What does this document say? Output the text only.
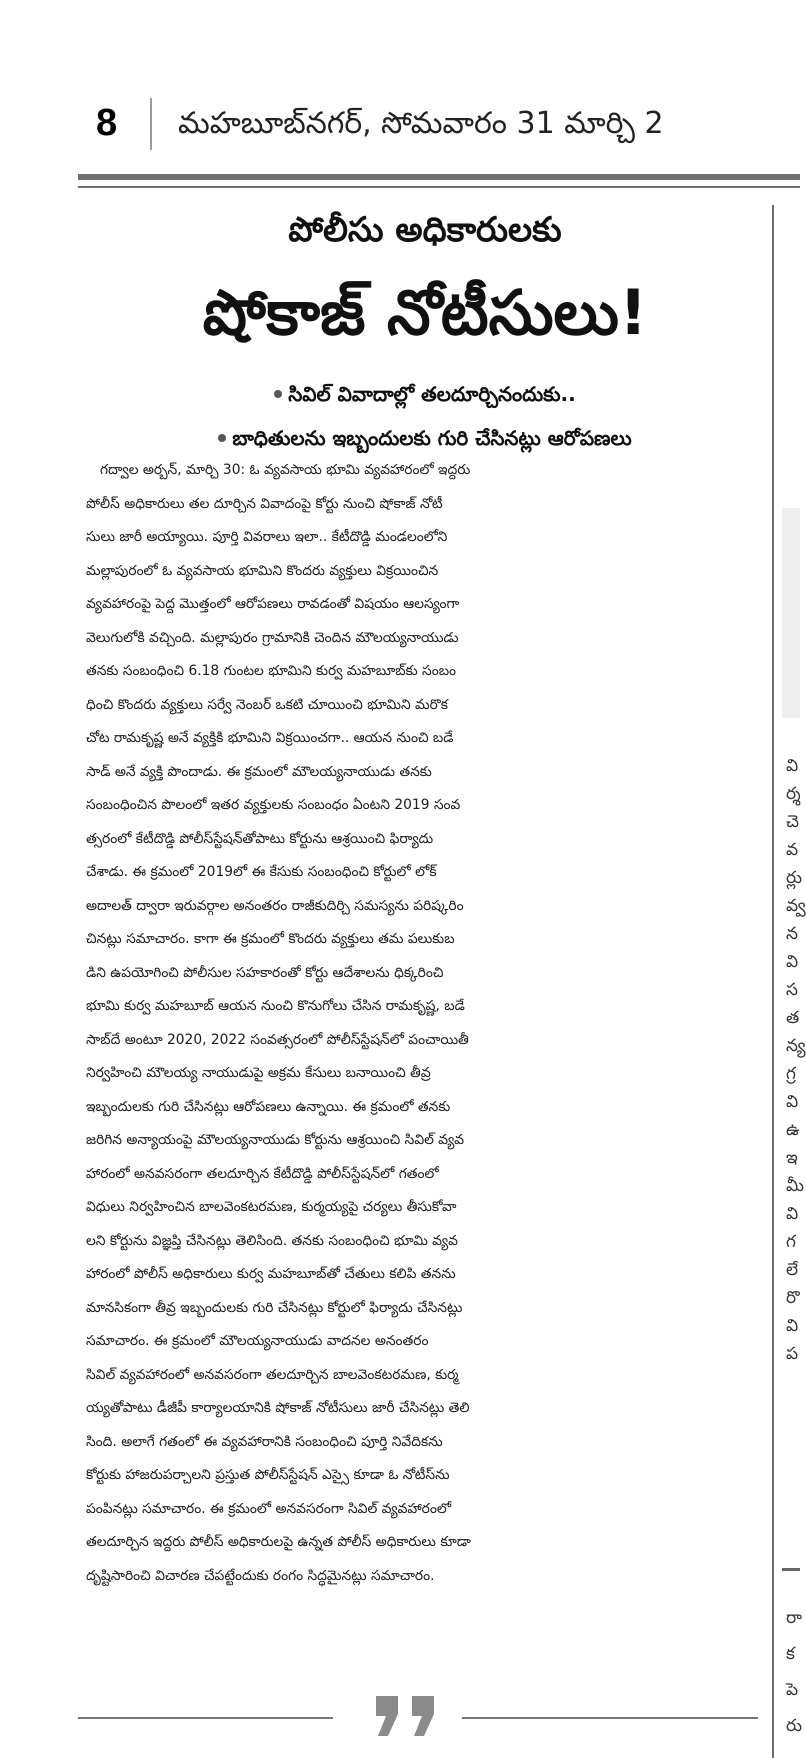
8 మహబూబ్‌నగర్, సోమవారం 31 మార్చి 2
వి
ర్శ
చె
వ
ర్లు
వ్వ
న
వి
స
త
న్య
గ్ర
వి
ఉ
ఇ
మీ
వి
గ
లే
రొ
వి
ప
రా
క
పె
రు
పోలీసు అధికారులకు
షోకాజ్ నోటీసులు!
సివిల్ వివాదాల్లో తలదూర్చినందుకు..
బాధితులను ఇబ్బందులకు గురి చేసినట్లు ఆరోపణలు
గద్వాల అర్బన్, మార్చి 30: ఓ వ్యవసాయ భూమి వ్యవహారంలో ఇద్దరు
పోలీస్ అధికారులు తల దూర్చిన వివాదంపై కోర్టు నుంచి షోకాజ్ నోటీ
సులు జారీ అయ్యాయి. పూర్తి వివరాలు ఇలా.. కేటీదొడ్డి మండలంలోని
మల్లాపురంలో ఓ వ్యవసాయ భూమిని కొందరు వ్యక్తులు విక్రయించిన
వ్యవహారంపై పెద్ద మొత్తంలో ఆరోపణలు రావడంతో విషయం ఆలస్యంగా
వెలుగులోకి వచ్చింది. మల్లాపురం గ్రామానికి చెందిన మౌలయ్యనాయుడు
తనకు సంబంధించి 6.18 గుంటల భూమిని కుర్వ మహబూబ్‌కు సంబం
ధించి కొందరు వ్యక్తులు సర్వే నెంబర్ ఒకటి చూయించి భూమిని మరొక
చోట రామకృష్ణ అనే వ్యక్తికి భూమిని విక్రయించగా.. ఆయన నుంచి బడే
సాడ్ అనే వ్యక్తి పొందాడు. ఈ క్రమంలో మౌలయ్యనాయుడు తనకు
సంబంధించిన పొలంలో ఇతర వ్యక్తులకు సంబంధం ఏంటని 2019 సంవ
త్సరంలో కేటీదొడ్డి పోలీస్‌స్టేషన్‌తోపాటు కోర్టును ఆశ్రయించి ఫిర్యాదు
చేశాడు. ఈ క్రమంలో 2019లో ఈ కేసుకు సంబంధించి కోర్టులో లోక్
అదాలత్ ద్వారా ఇరువర్గాల అనంతరం రాజీకుదిర్చి సమస్యను పరిష్కరిం
చినట్లు సమాచారం. కాగా ఈ క్రమంలో కొందరు వ్యక్తులు తమ పలుకుబ
డిని ఉపయోగించి పోలీసుల సహకారంతో కోర్టు ఆదేశాలను ధిక్కరించి
భూమి కుర్వ మహబూబ్ ఆయన నుంచి కొనుగోలు చేసిన రామకృష్ణ, బడే
సాబ్‌దే అంటూ 2020, 2022 సంవత్సరంలో పోలీస్‌స్టేషన్‌లో పంచాయితీ
నిర్వహించి మౌలయ్య నాయుడుపై అక్రమ కేసులు బనాయించి తీవ్ర
ఇబ్బందులకు గురి చేసినట్లు ఆరోపణలు ఉన్నాయి. ఈ క్రమంలో తనకు
జరిగిన అన్యాయంపై మౌలయ్యనాయుడు కోర్టును ఆశ్రయించి సివిల్ వ్యవ
హారంలో అనవసరంగా తలదూర్చిన కేటీదొడ్డి పోలీస్‌స్టేషన్‌లో గతంలో
విధులు నిర్వహించిన బాలవెంకటరమణ, కుర్మయ్యపై చర్యలు తీసుకోవా
లని కోర్టును విజ్ఞప్తి చేసినట్లు తెలిసింది. తనకు సంబంధించి భూమి వ్యవ
హారంలో పోలీస్ అధికారులు కుర్వ మహబూబ్‌తో చేతులు కలిపి తనను
మానసికంగా తీవ్ర ఇబ్బందులకు గురి చేసినట్లు కోర్టులో ఫిర్యాదు చేసినట్లు
సమాచారం. ఈ క్రమంలో మౌలయ్యనాయుడు వాదనల అనంతరం
సివిల్ వ్యవహారంలో అనవసరంగా తలదూర్చిన బాలవెంకటరమణ, కుర్మ
య్యతోపాటు డీజీపీ కార్యాలయానికి షోకాజ్ నోటీసులు జారీ చేసినట్లు తెలి
సింది. అలాగే గతంలో ఈ వ్యవహారానికి సంబంధించి పూర్తి నివేదికను
కోర్టుకు హాజరుపర్చాలని ప్రస్తుత పోలీస్‌స్టేషన్ ఎస్సై కూడా ఓ నోటీస్‌ను
పంపినట్లు సమాచారం. ఈ క్రమంలో అనవసరంగా సివిల్ వ్యవహారంలో
తలదూర్చిన ఇద్దరు పోలీస్ అధికారులపై ఉన్నత పోలీస్ అధికారులు కూడా
దృష్టిసారించి విచారణ చేపట్టేందుకు రంగం సిద్ధమైనట్లు సమాచారం.
